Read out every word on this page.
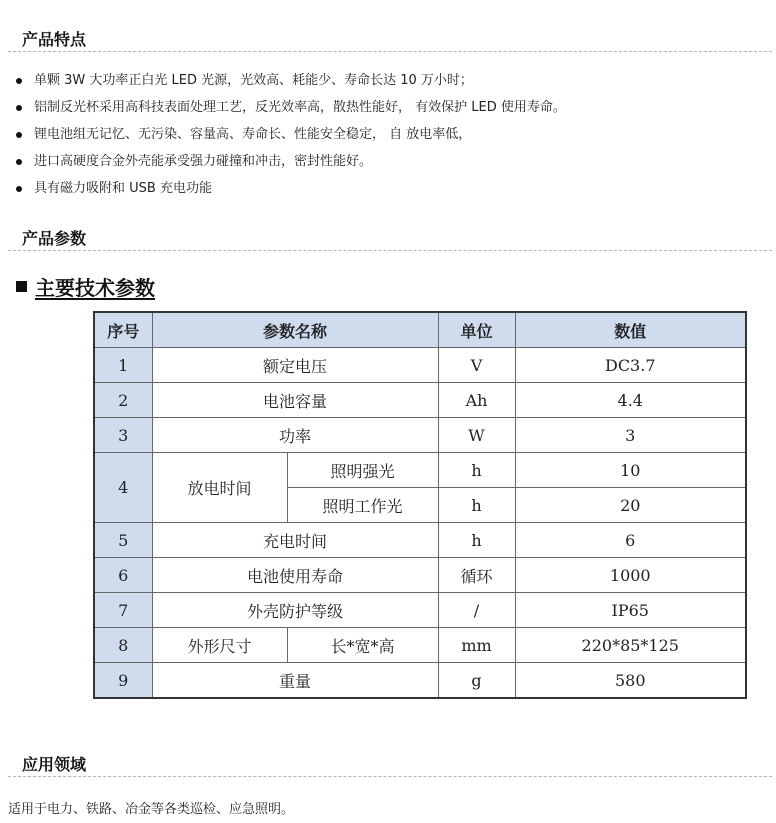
产品特点
单颗 3W 大功率正白光 LED 光源，光效高、耗能少、寿命长达 10 万小时；
铝制反光杯采用高科技表面处理工艺，反光效率高，散热性能好， 有效保护 LED 使用寿命。
锂电池组无记忆、无污染、容量高、寿命长、性能安全稳定， 自 放电率低，
进口高硬度合金外壳能承受强力碰撞和冲击，密封性能好。
具有磁力吸附和 USB 充电功能
产品参数
主要技术参数
序号	参数名称		单位	数值
1	额定电压		V	DC3.7
2	电池容量		Ah	4.4
3	功率		W	3
4	放电时间	照明强光	h	10
		照明工作光	h	20
5	充电时间		h	6
6	电池使用寿命		循环	1000
7	外壳防护等级		/	IP65
8	外形尺寸	长*宽*高	mm	220*85*125
9	重量		g	580
应用领域
适用于电力、铁路、冶金等各类巡检、应急照明。
